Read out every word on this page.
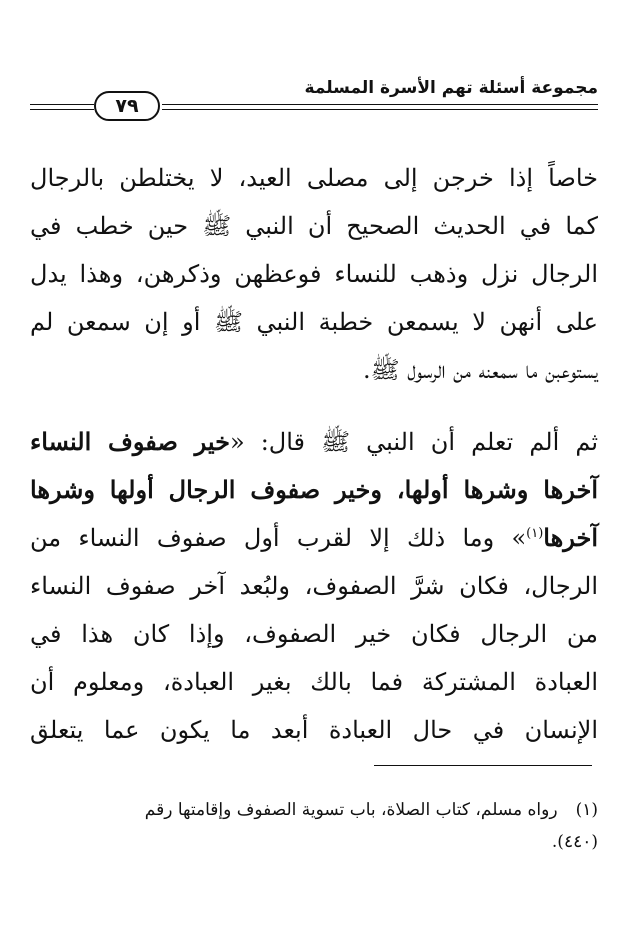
مجموعة أسئلة تهم الأسرة المسلمة
٧٩
خاصاً إذا خرجن إلى مصلى العيد، لا يختلطن بالرجال
كما في الحديث الصحيح أن النبي ﷺ حين خطب في
الرجال نزل وذهب للنساء فوعظهن وذكرهن، وهذا يدل
على أنهن لا يسمعن خطبة النبي ﷺ أو إن سمعن لم
يستوعبن ما سمعنه من الرسول ﷺ.
ثم ألم تعلم أن النبي ﷺ قال: «خير صفوف النساء
آخرها وشرها أولها، وخير صفوف الرجال أولها وشرها
آخرها$^{(١)}$» وما ذلك إلا لقرب أول صفوف النساء من
الرجال، فكان شرَّ الصفوف، ولبُعد آخر صفوف النساء
من الرجال فكان خير الصفوف، وإذا كان هذا في
العبادة المشتركة فما بالك بغير العبادة، ومعلوم أن
الإنسان في حال العبادة أبعد ما يكون عما يتعلق
(١)رواه مسلم، كتاب الصلاة، باب تسوية الصفوف وإقامتها رقم
(٤٤٠).
